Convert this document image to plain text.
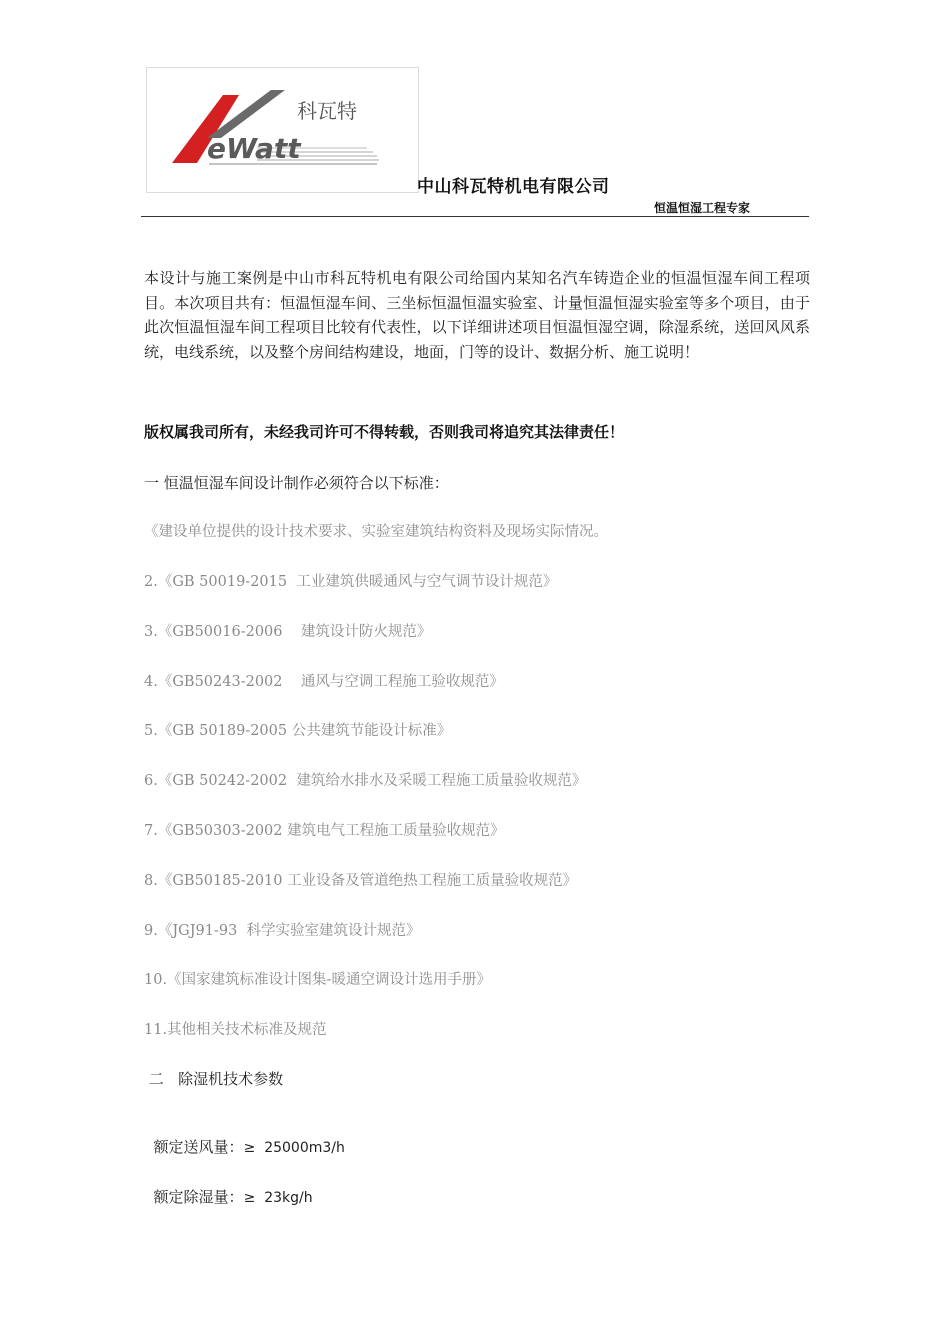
科瓦特
eWatt
中山科瓦特机电有限公司
恒温恒湿工程专家
本设计与施工案例是中山市科瓦特机电有限公司给国内某知名汽车铸造企业的恒温恒湿车间工程项目。本次项目共有：恒温恒湿车间、三坐标恒温恒温实验室、计量恒温恒湿实验室等多个项目，由于此次恒温恒湿车间工程项目比较有代表性，以下详细讲述项目恒温恒湿空调，除湿系统，送回风风系统，电线系统，以及整个房间结构建设，地面，门等的设计、数据分析、施工说明！
版权属我司所有，未经我司许可不得转载，否则我司将追究其法律责任！
一 恒温恒湿车间设计制作必须符合以下标准：
《建设单位提供的设计技术要求、实验室建筑结构资料及现场实际情况。
2.《GB 50019-2015  工业建筑供暖通风与空气调节设计规范》
3.《GB50016-2006    建筑设计防火规范》
4.《GB50243-2002    通风与空调工程施工验收规范》
5.《GB 50189-2005 公共建筑节能设计标准》
6.《GB 50242-2002  建筑给水排水及采暖工程施工质量验收规范》
7.《GB50303-2002 建筑电气工程施工质量验收规范》
8.《GB50185-2010 工业设备及管道绝热工程施工质量验收规范》
9.《JGJ91-93  科学实验室建筑设计规范》
10.《国家建筑标准设计图集-暖通空调设计选用手册》
11.其他相关技术标准及规范
二   除湿机技术参数

额定送风量：≥  25000m3/h

额定除湿量：≥  23kg/h
